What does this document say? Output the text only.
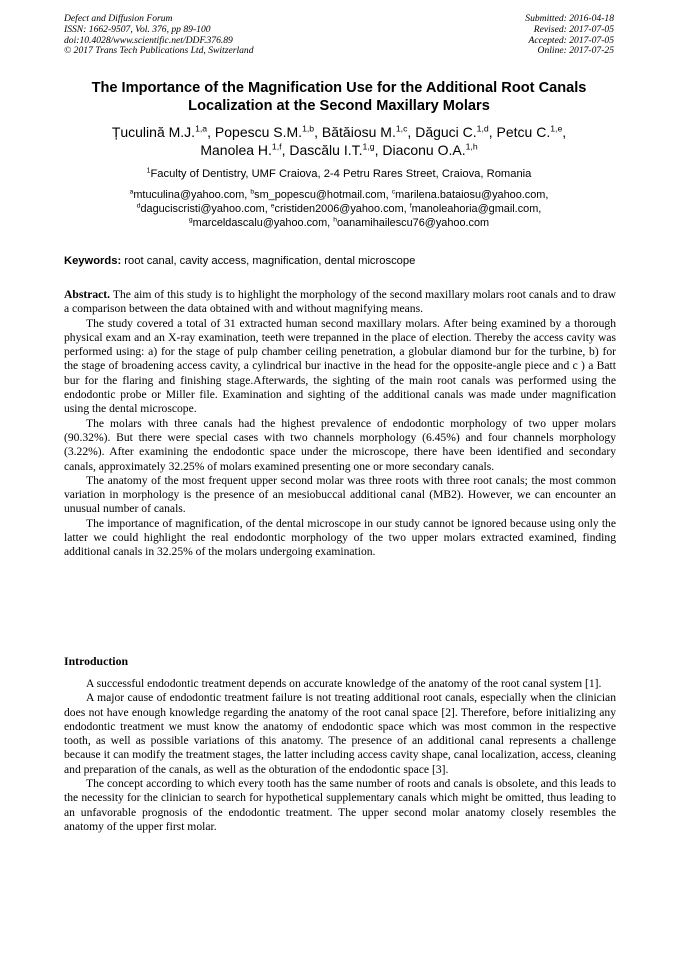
Defect and Diffusion Forum
ISSN: 1662-9507, Vol. 376, pp 89-100
doi:10.4028/www.scientific.net/DDF.376.89
© 2017 Trans Tech Publications Ltd, Switzerland
Submitted: 2016-04-18
Revised: 2017-07-05
Accepted: 2017-07-05
Online: 2017-07-25
The Importance of the Magnification Use for the Additional Root Canals
Localization at the Second Maxillary Molars
Țuculină M.J.$^{1,a}$, Popescu S.M.$^{1,b}$, Bătăiosu M.$^{1,c}$, Dăguci C.$^{1,d}$, Petcu C.$^{1,e}$,
Manolea H.$^{1,f}$, Dascălu I.T.$^{1,g}$, Diaconu O.A.$^{1,h}$
$^1$Faculty of Dentistry, UMF Craiova, 2-4 Petru Rares Street, Craiova, Romania
$^a$mtuculina@yahoo.com, $^b$sm_popescu@hotmail.com, $^c$marilena.bataiosu@yahoo.com,
$^d$daguciscristi@yahoo.com, $^e$cristiden2006@yahoo.com, $^f$manoleahoria@gmail.com,
$^g$marceldascalu@yahoo.com, $^h$oanamihailescu76@yahoo.com
Keywords: root canal, cavity access, magnification, dental microscope

Abstract. The aim of this study is to highlight the morphology of the second maxillary molars root canals and to draw a comparison between the data obtained with and without magnifying means.

The study covered a total of 31 extracted human second maxillary molars. After being examined by a thorough physical exam and an X-ray examination, teeth were trepanned in the place of election. Thereby the access cavity was performed using: a) for the stage of pulp chamber ceiling penetration, a globular diamond bur for the turbine, b) for the stage of broadening access cavity, a cylindrical bur inactive in the head for the opposite-angle piece and c ) a Batt bur for the flaring and finishing stage.Afterwards, the sighting of the main root canals was performed using the endodontic probe or Miller file. Examination and sighting of the additional canals was made under magnification using the dental microscope.

The molars with three canals had the highest prevalence of endodontic morphology of two upper molars (90.32%). But there were special cases with two channels morphology (6.45%) and four channels morphology (3.22%). After examining the endodontic space under the microscope, there have been identified and secondary canals, approximately 32.25% of molars examined presenting one or more secondary canals.

The anatomy of the most frequent upper second molar was three roots with three root canals; the most common variation in morphology is the presence of an mesiobuccal additional canal (MB2). However, we can encounter an unusual number of canals.

The importance of magnification, of the dental microscope in our study cannot be ignored because using only the latter we could highlight the real endodontic morphology of the two upper molars extracted examined, finding additional canals in 32.25% of the molars undergoing examination.

Introduction

A successful endodontic treatment depends on accurate knowledge of the anatomy of the root canal system [1].

A major cause of endodontic treatment failure is not treating additional root canals, especially when the clinician does not have enough knowledge regarding the anatomy of the root canal space [2]. Therefore, before initializing any endodontic treatment we must know the anatomy of endodontic space which was most common in the respective tooth, as well as possible variations of this anatomy. The presence of an additional canal represents a challenge because it can modify the treatment stages, the latter including access cavity shape, canal localization, access, cleaning and preparation of the canals, as well as the obturation of the endodontic space [3].

The concept according to which every tooth has the same number of roots and canals is obsolete, and this leads to the necessity for the clinician to search for hypothetical supplementary canals which might be omitted, thus leading to an unfavorable prognosis of the endodontic treatment. The upper second molar anatomy closely resembles the anatomy of the upper first molar.
